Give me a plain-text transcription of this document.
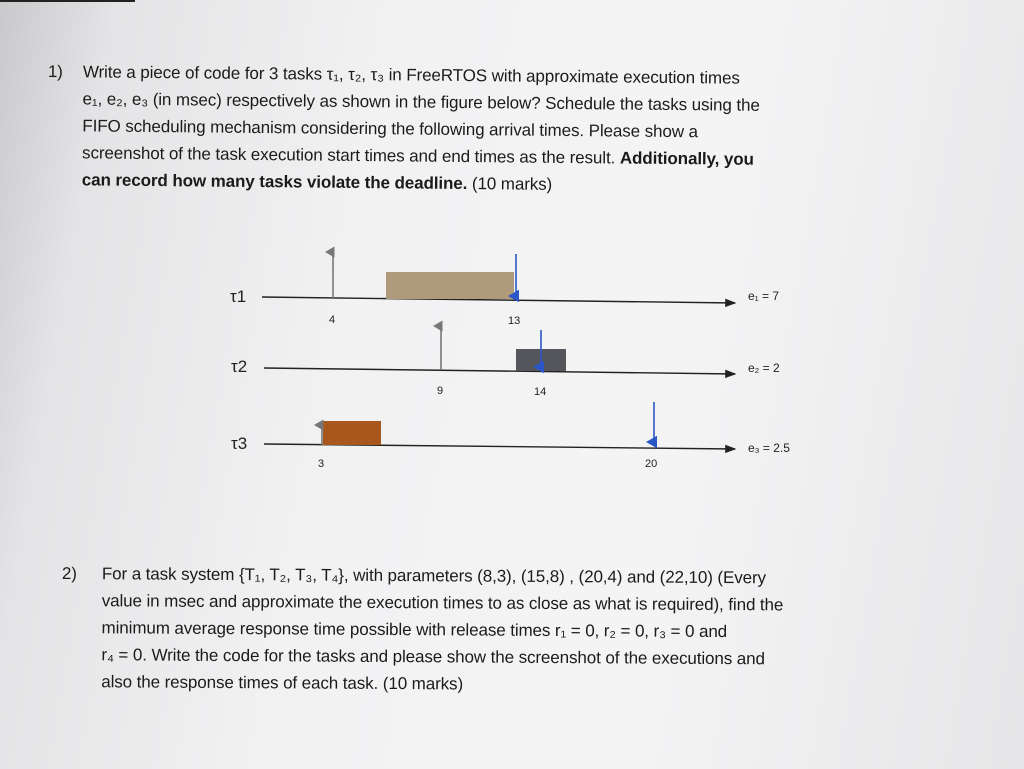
1) Write a piece of code for 3 tasks τ₁, τ₂, τ₃ in FreeRTOS with approximate execution times
e₁, e₂, e₃ (in msec) respectively as shown in the figure below? Schedule the tasks using the
FIFO scheduling mechanism considering the following arrival times. Please show a
screenshot of the task execution start times and end times as the result. Additionally, you
can record how many tasks violate the deadline. (10 marks)
τ1
4	13
e₁ = 7
τ2
9	14
e₂ = 2
τ3
3	20
e₃ = 2.5
2) For a task system {T₁, T₂, T₃, T₄}, with parameters (8,3), (15,8) , (20,4) and (22,10) (Every
value in msec and approximate the execution times to as close as what is required), find the
minimum average response time possible with release times r₁ = 0, r₂ = 0, r₃ = 0 and
r₄ = 0. Write the code for the tasks and please show the screenshot of the executions and
also the response times of each task. (10 marks)
